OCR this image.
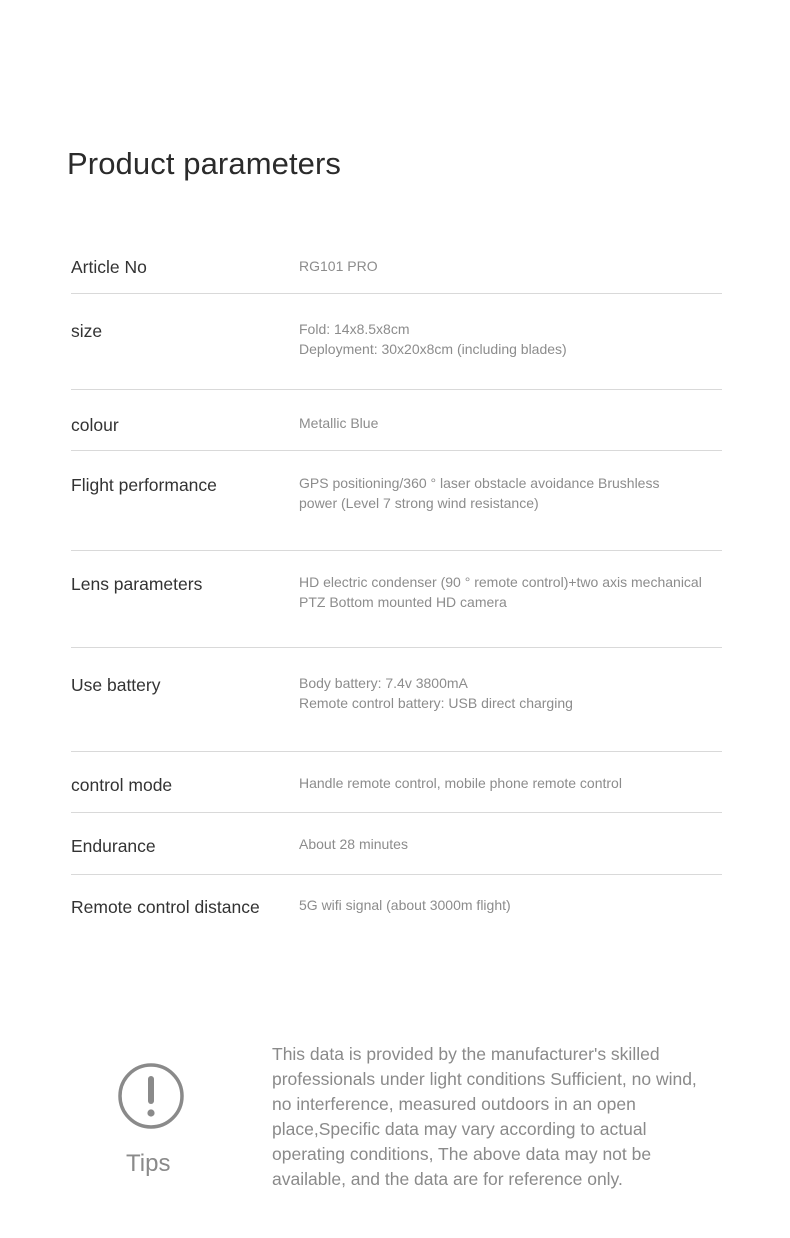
Product parameters
Article No	RG101 PRO
size	Fold: 14x8.5x8cm
Deployment: 30x20x8cm (including blades)
colour	Metallic Blue
Flight performance	GPS positioning/360 ° laser obstacle avoidance Brushless
power (Level 7 strong wind resistance)
Lens parameters	HD electric condenser (90 ° remote control)+two axis mechanical
PTZ Bottom mounted HD camera
Use battery	Body battery: 7.4v 3800mA
Remote control battery: USB direct charging
control mode	Handle remote control, mobile phone remote control
Endurance	About 28 minutes
Remote control distance	5G wifi signal (about 3000m flight)
Tips
This data is provided by the manufacturer's skilled professionals under light conditions Sufficient, no wind, no interference, measured outdoors in an open place,Specific data may vary according to actual operating conditions, The above data may not be available, and the data are for reference only.
